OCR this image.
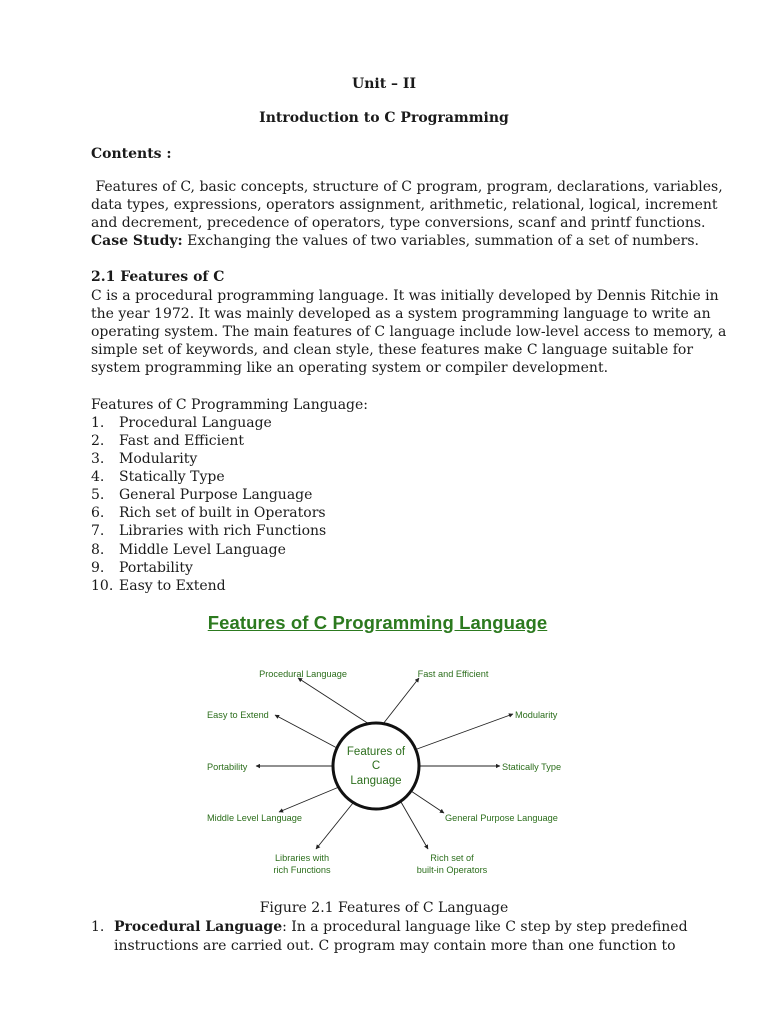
Unit – II
Introduction to C Programming
Contents :
Features of C, basic concepts, structure of C program, program, declarations, variables,
data types, expressions, operators assignment, arithmetic, relational, logical, increment
and decrement, precedence of operators, type conversions, scanf and printf functions.
Case Study: Exchanging the values of two variables, summation of a set of numbers.
2.1 Features of C
C is a procedural programming language. It was initially developed by Dennis Ritchie in
the year 1972. It was mainly developed as a system programming language to write an
operating system. The main features of C language include low-level access to memory, a
simple set of keywords, and clean style, these features make C language suitable for
system programming like an operating system or compiler development.
Features of C Programming Language:
1.	Procedural Language
2.	Fast and Efficient
3.	Modularity
4.	Statically Type
5.	General Purpose Language
6.	Rich set of built in Operators
7.	Libraries with rich Functions
8.	Middle Level Language
9.	Portability
10. Easy to Extend
Features of C Programming Language
Features of
C
Language
Procedural Language	Fast and Efficient
Easy to Extend	Modularity
Portability	Statically Type
Middle Level Language	General Purpose Language
Libraries with
rich Functions
Rich set of
built-in Operators
Figure 2.1 Features of C Language
1. Procedural Language: In a procedural language like C step by step predefined
instructions are carried out. C program may contain more than one function to
